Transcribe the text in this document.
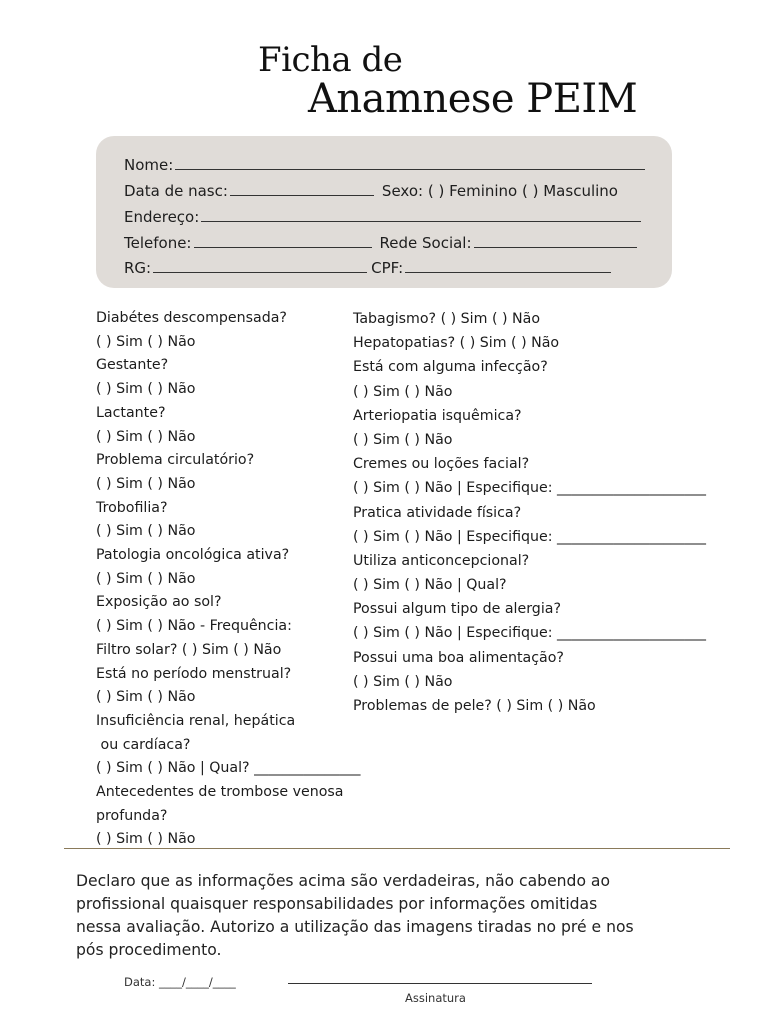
Ficha de
Anamnese PEIM
Nome:
Data de nasc:	Sexo: ( ) Feminino ( ) Masculino
Endereço:
Telefone:	Rede Social:
RG:	CPF:
Diabétes descompensada?
( ) Sim ( ) Não
Gestante?
( ) Sim ( ) Não
Lactante?
( ) Sim ( ) Não
Problema circulatório?
( ) Sim ( ) Não
Trobofilia?
( ) Sim ( ) Não
Patologia oncológica ativa?
( ) Sim ( ) Não
Exposição ao sol?
( ) Sim ( ) Não - Frequência:
Filtro solar? ( ) Sim ( ) Não
Está no período menstrual?
( ) Sim ( ) Não
Insuficiência renal, hepática
ou cardíaca?
( ) Sim ( ) Não | Qual? _______________
Antecedentes de trombose venosa
profunda?
( ) Sim ( ) Não
Tabagismo? ( ) Sim ( ) Não
Hepatopatias? ( ) Sim ( ) Não
Está com alguma infecção?
( ) Sim ( ) Não
Arteriopatia isquêmica?
( ) Sim ( ) Não
Cremes ou loções facial?
( ) Sim ( ) Não | Especifique: _____________________
Pratica atividade física?
( ) Sim ( ) Não | Especifique: _____________________
Utiliza anticoncepcional?
( ) Sim ( ) Não | Qual?
Possui algum tipo de alergia?
( ) Sim ( ) Não | Especifique: _____________________
Possui uma boa alimentação?
( ) Sim ( ) Não
Problemas de pele? ( ) Sim ( ) Não
Declaro que as informações acima são verdadeiras, não cabendo ao profissional quaisquer responsabilidades por informações omitidas nessa avaliação. Autorizo a utilização das imagens tiradas no pré e nos pós procedimento.
Data: ____/____/____
Assinatura
